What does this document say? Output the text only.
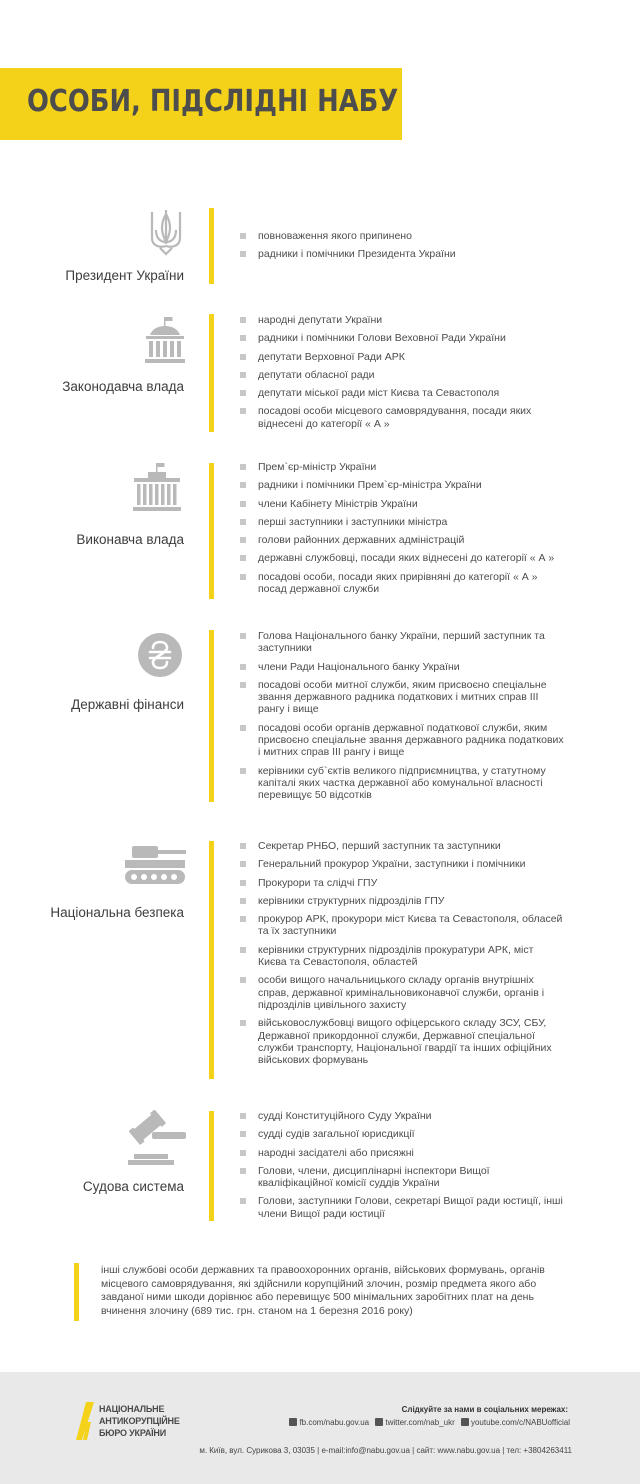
ОСОБИ, ПІДСЛІДНІ НАБУ
Президент України
повноваження якого припинено
радники і помічники Президента України
Законодавча влада
народні депутати України
радники і помічники Голови Веховної Ради України
депутати Верховної Ради АРК
депутати обласної ради
депутати міської ради міст Києва та Севастополя
посадові особи місцевого самоврядування, посади яких віднесені до категорії « А »
Виконавча влада
Прем`єр-міністр України
радники і помічники Прем`єр-міністра України
члени Кабінету Міністрів України
перші заступники і заступники міністра
голови районних державних адміністрацій
державні службовці, посади яких віднесені до категорії « А »
посадові особи, посади яких прирівняні до категорії « А » посад державної служби
Державні фінанси
Голова Національного банку України, перший заступник та заступники
члени Ради Національного банку України
посадові особи митної служби, яким присвоєно спеціальне звання державного радника податкових і митних справ ІІІ рангу і вище
посадові особи органів державної податкової служби, яким присвоєно спеціальне звання державного радника податкових і митних справ ІІІ рангу і вище
керівники суб`єктів великого підприємництва, у статутному капіталі яких частка державної або комунальної власності перевищує 50 відсотків
Національна безпека
Секретар РНБО, перший заступник та заступники
Генеральний прокурор України, заступники і помічники
Прокурори та слідчі ГПУ
керівники структурних підрозділів ГПУ
прокурор АРК, прокурори міст Києва та Севастополя, обласей та їх заступники
керівники структурних підрозділів прокуратури АРК, міст Києва та Севастополя, областей
особи вищого начальницького складу органів внутрішніх справ, державної кримінальновиконавчої служби, органів і підрозділів цивільного захисту
військовослужбовці вищого офіцерського складу ЗСУ, СБУ, Державної прикордонної служби, Державної спеціальної служби транспорту, Національної гвардії та інших офіційних військових формувань
Судова система
судді Конституційного Суду України
судді судів загальної юрисдикції
народні засідателі або присяжні
Голови, члени, дисциплінарні інспектори Вищої кваліфікаційної комісії суддів України
Голови, заступники Голови, секретарі Вищої ради юстиції, інші члени Вищої ради юстиції
інші службові особи державних та правоохоронних органів, військових формувань, органів місцевого самоврядування, які здійснили корупційний злочин, розмір предмета якого або завданої ними шкоди дорівнює або перевищує 500 мінімальних заробітних плат на день вчинення злочину (689 тис. грн. станом на 1 березня 2016 року)
НАЦІОНАЛЬНЕ
АНТИКОРУПЦІЙНЕ
БЮРО УКРАЇНИ
Слідкуйте за нами в соціальних мережах:
fb.com/nabu.gov.ua twitter.com/nab_ukr youtube.com/c/NABUofficial
м. Київ, вул. Сурикова 3, 03035 | e-mail:info@nabu.gov.ua | сайт: www.nabu.gov.ua | тел: +3804263411
